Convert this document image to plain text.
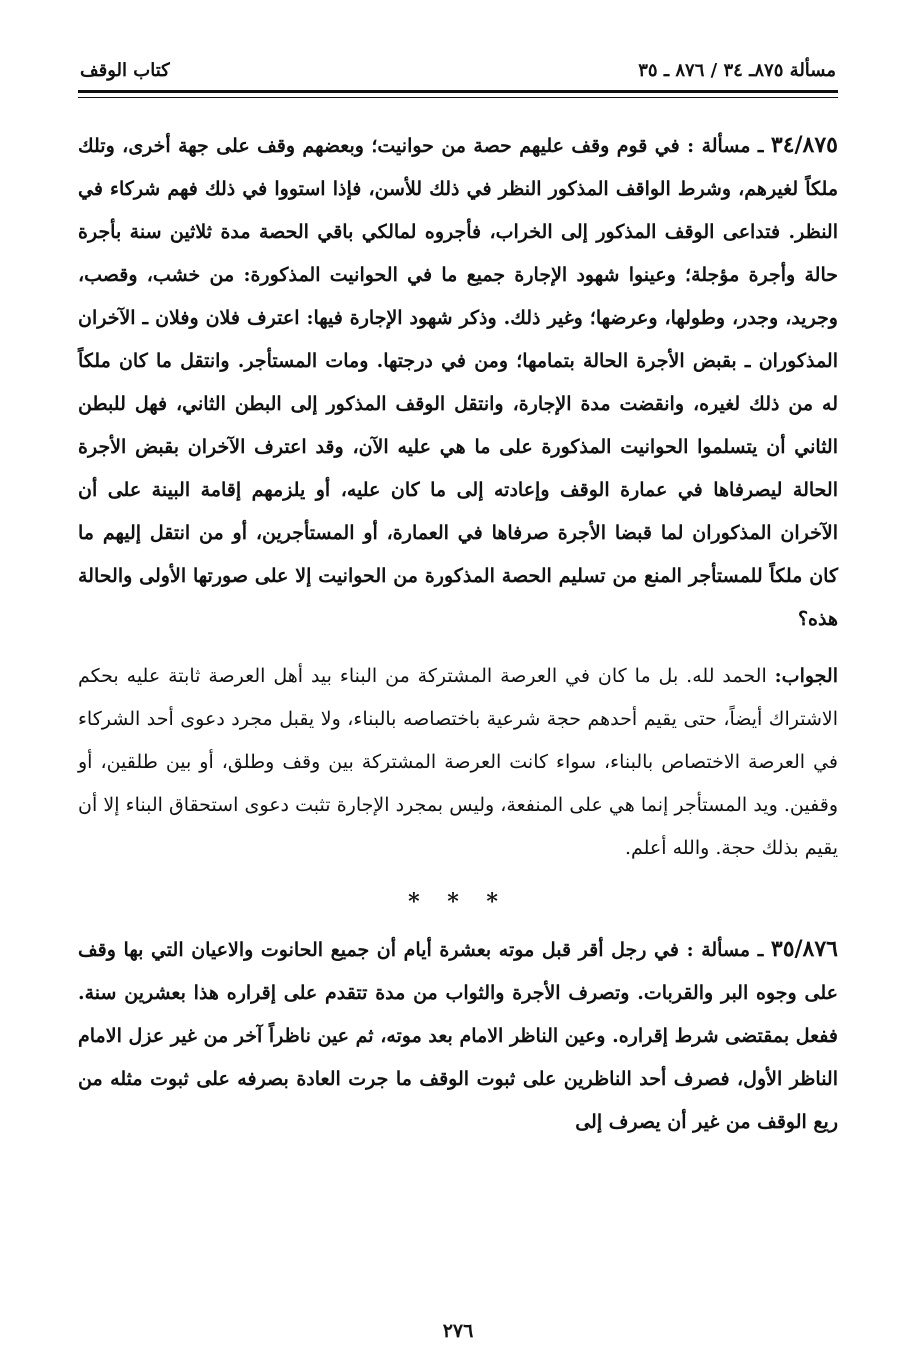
مسألة ٨٧٥ـ ٣٤ / ٨٧٦ ـ ٣٥
كتاب الوقف

٣٤/٨٧٥ ـ مسألة : في قوم وقف عليهم حصة من حوانيت؛ وبعضهم وقف على جهة أخرى، وتلك ملكاً لغيرهم، وشرط الواقف المذكور النظر في ذلك للأسن، فإذا استووا في ذلك فهم شركاء في النظر. فتداعى الوقف المذكور إلى الخراب، فأجروه لمالكي باقي الحصة مدة ثلاثين سنة بأجرة حالة وأجرة مؤجلة؛ وعينوا شهود الإجارة جميع ما في الحوانيت المذكورة: من خشب، وقصب، وجريد، وجدر، وطولها، وعرضها؛ وغير ذلك. وذكر شهود الإجارة فيها: اعترف فلان وفلان ـ الآخران المذكوران ـ بقبض الأجرة الحالة بتمامها؛ ومن في درجتها. ومات المستأجر. وانتقل ما كان ملكاً له من ذلك لغيره، وانقضت مدة الإجارة، وانتقل الوقف المذكور إلى البطن الثاني، فهل للبطن الثاني أن يتسلموا الحوانيت المذكورة على ما هي عليه الآن، وقد اعترف الآخران بقبض الأجرة الحالة ليصرفاها في عمارة الوقف وإعادته إلى ما كان عليه، أو يلزمهم إقامة البينة على أن الآخران المذكوران لما قبضا الأجرة صرفاها في العمارة، أو المستأجرين، أو من انتقل إليهم ما كان ملكاً للمستأجر المنع من تسليم الحصة المذكورة من الحوانيت إلا على صورتها الأولى والحالة هذه؟

الجواب: الحمد لله. بل ما كان في العرصة المشتركة من البناء بيد أهل العرصة ثابتة عليه بحكم الاشتراك أيضاً، حتى يقيم أحدهم حجة شرعية باختصاصه بالبناء، ولا يقبل مجرد دعوى أحد الشركاء في العرصة الاختصاص بالبناء، سواء كانت العرصة المشتركة بين وقف وطلق، أو بين طلقين، أو وقفين. ويد المستأجر إنما هي على المنفعة، وليس بمجرد الإجارة تثبت دعوى استحقاق البناء إلا أن يقيم بذلك حجة. والله أعلم.

* * *

٣٥/٨٧٦ ـ مسألة : في رجل أقر قبل موته بعشرة أيام أن جميع الحانوت والاعيان التي بها وقف على وجوه البر والقربات. وتصرف الأجرة والثواب من مدة تتقدم على إقراره هذا بعشرين سنة. ففعل بمقتضى شرط إقراره. وعين الناظر الامام بعد موته، ثم عين ناظراً آخر من غير عزل الامام الناظر الأول، فصرف أحد الناظرين على ثبوت الوقف ما جرت العادة بصرفه على ثبوت مثله من ريع الوقف من غير أن يصرف إلى

٢٧٦
